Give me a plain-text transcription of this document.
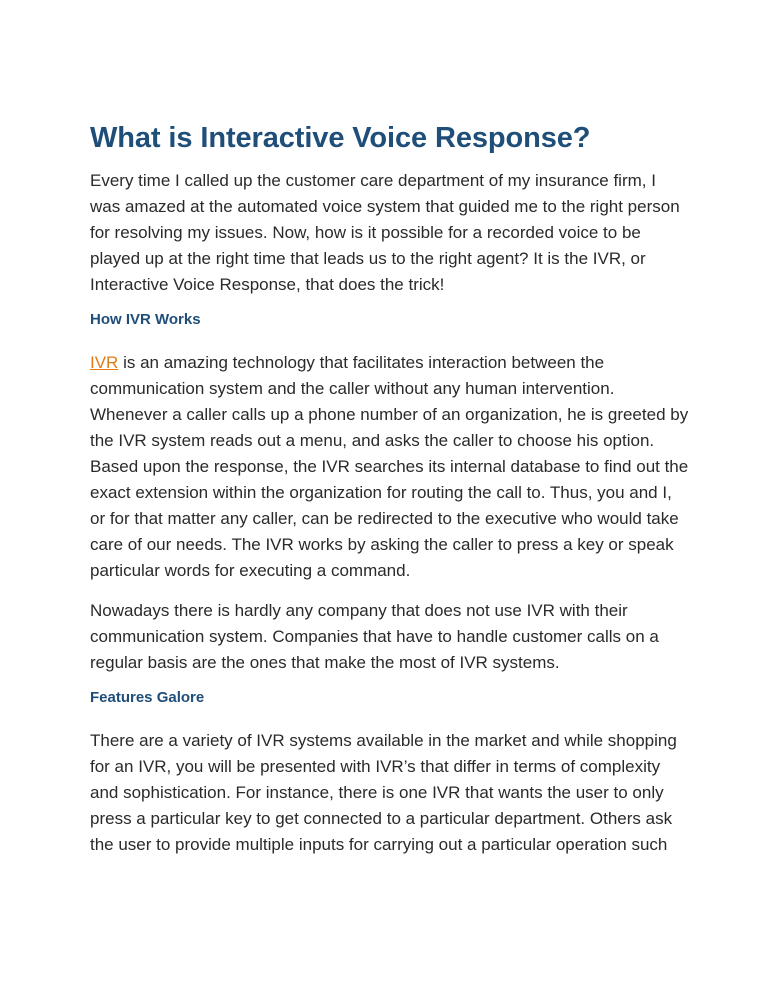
What is Interactive Voice Response?

Every time I called up the customer care department of my insurance firm, I was amazed at the automated voice system that guided me to the right person for resolving my issues. Now, how is it possible for a recorded voice to be played up at the right time that leads us to the right agent? It is the IVR, or Interactive Voice Response, that does the trick!

How IVR Works

IVR is an amazing technology that facilitates interaction between the communication system and the caller without any human intervention. Whenever a caller calls up a phone number of an organization, he is greeted by the IVR system reads out a menu, and asks the caller to choose his option. Based upon the response, the IVR searches its internal database to find out the exact extension within the organization for routing the call to. Thus, you and I, or for that matter any caller, can be redirected to the executive who would take care of our needs. The IVR works by asking the caller to press a key or speak particular words for executing a command.

Nowadays there is hardly any company that does not use IVR with their communication system. Companies that have to handle customer calls on a regular basis are the ones that make the most of IVR systems.

Features Galore

There are a variety of IVR systems available in the market and while shopping for an IVR, you will be presented with IVR’s that differ in terms of complexity and sophistication. For instance, there is one IVR that wants the user to only press a particular key to get connected to a particular department. Others ask the user to provide multiple inputs for carrying out a particular operation such
